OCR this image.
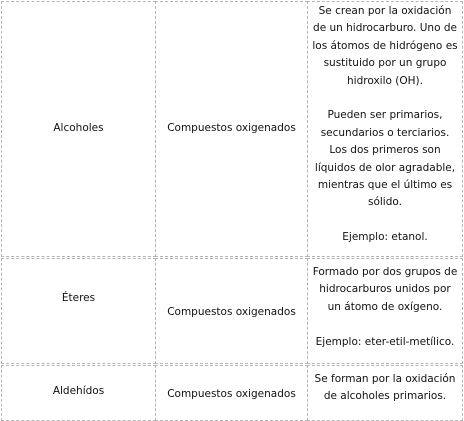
Alcoholes	Compuestos oxigenados
Se crean por la oxidación de un hidrocarburo. Uno de los átomos de hidrógeno es sustituido por un grupo hidroxilo (OH).
Pueden ser primarios, secundarios o terciarios. Los dos primeros son líquidos de olor agradable, mientras que el último es sólido.
Ejemplo: etanol.
Éteres
Compuestos oxigenados
Formado por dos grupos de hidrocarburos unidos por un átomo de oxígeno.
Ejemplo: eter-etil-metílico.
Aldehídos	Compuestos oxigenados
Se forman por la oxidación de alcoholes primarios.
